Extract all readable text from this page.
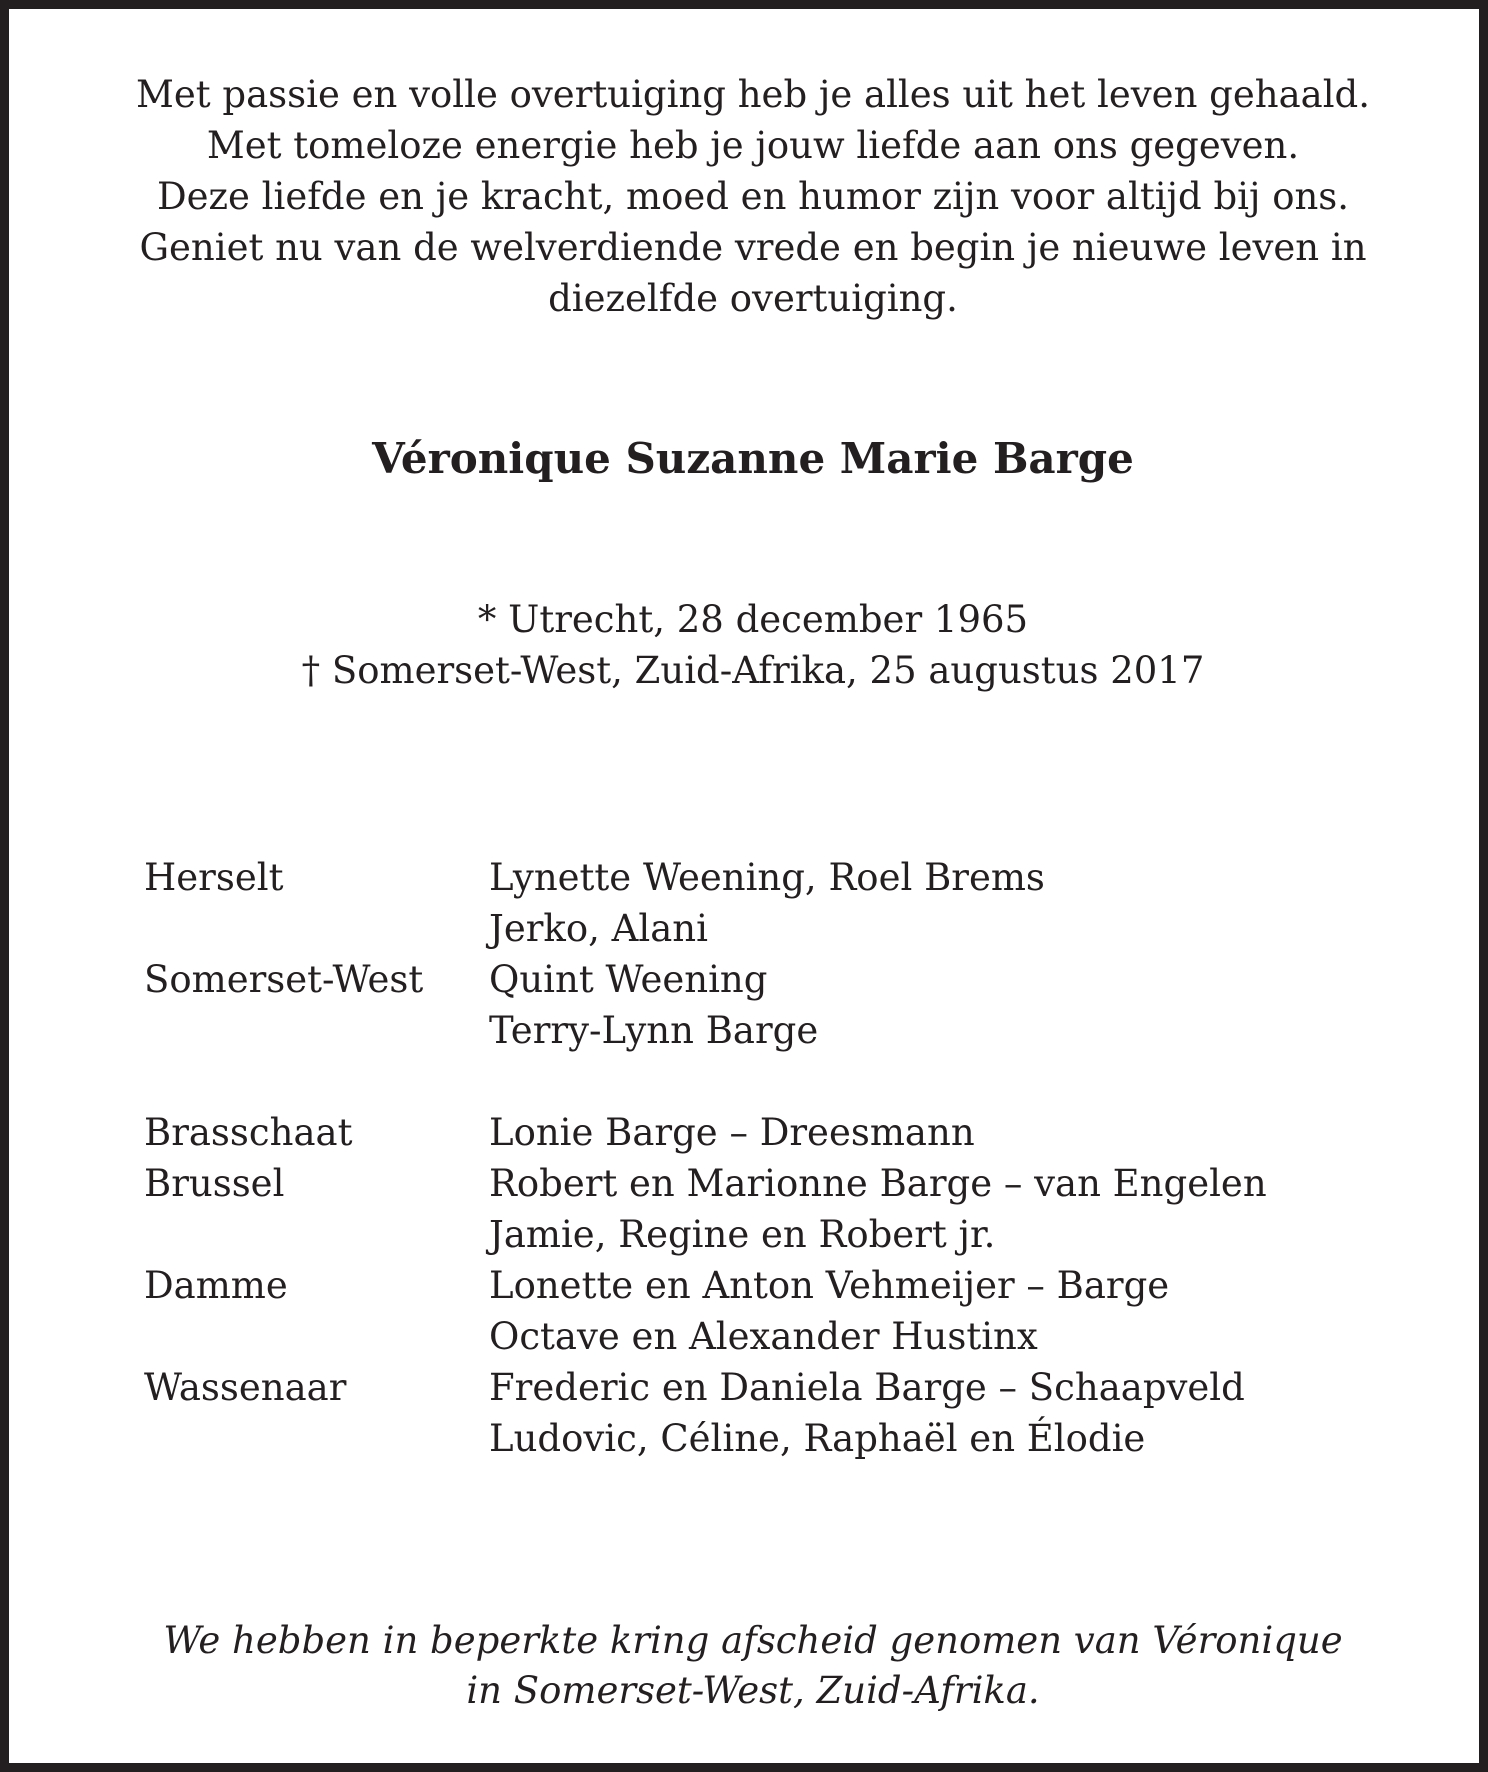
Met passie en volle overtuiging heb je alles uit het leven gehaald.
Met tomeloze energie heb je jouw liefde aan ons gegeven.
Deze liefde en je kracht, moed en humor zijn voor altijd bij ons.
Geniet nu van de welverdiende vrede en begin je nieuwe leven in
diezelfde overtuiging.
Véronique Suzanne Marie Barge
* Utrecht, 28 december 1965
† Somerset-West, Zuid-Afrika, 25 augustus 2017
Herselt	Lynette Weening, Roel Brems
Jerko, Alani
Somerset-West	Quint Weening
Terry-Lynn Barge
Brasschaat	Lonie Barge – Dreesmann
Brussel	Robert en Marionne Barge – van Engelen
Jamie, Regine en Robert jr.
Damme	Lonette en Anton Vehmeijer – Barge
Octave en Alexander Hustinx
Wassenaar	Frederic en Daniela Barge – Schaapveld
Ludovic, Céline, Raphaël en Élodie
We hebben in beperkte kring afscheid genomen van Véronique
in Somerset-West, Zuid-Afrika.
